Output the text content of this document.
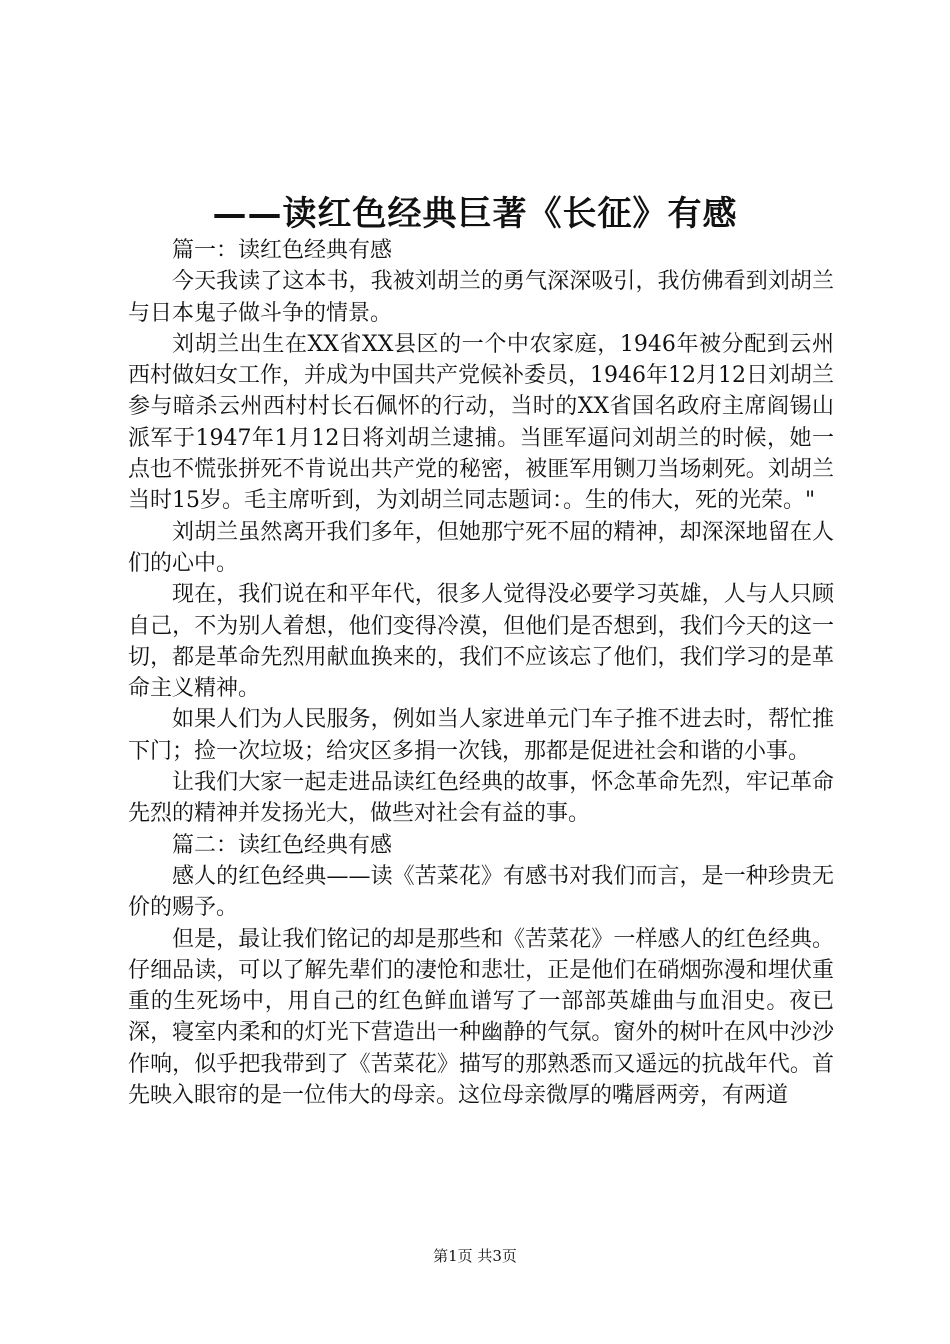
——读红色经典巨著《长征》有感

篇一：读红色经典有感

今天我读了这本书，我被刘胡兰的勇气深深吸引，我仿佛看到刘胡兰与日本鬼子做斗争的情景。

刘胡兰出生在XX省XX县区的一个中农家庭，1946年被分配到云州西村做妇女工作，并成为中国共产党候补委员，1946年12月12日刘胡兰参与暗杀云州西村村长石佩怀的行动，当时的XX省国名政府主席阎锡山派军于1947年1月12日将刘胡兰逮捕。当匪军逼问刘胡兰的时候，她一点也不慌张拼死不肯说出共产党的秘密，被匪军用铡刀当场刺死。刘胡兰当时15岁。毛主席听到，为刘胡兰同志题词：。生的伟大，死的光荣。"

刘胡兰虽然离开我们多年，但她那宁死不屈的精神，却深深地留在人们的心中。

现在，我们说在和平年代，很多人觉得没必要学习英雄，人与人只顾自己，不为别人着想，他们变得冷漠，但他们是否想到，我们今天的这一切，都是革命先烈用献血换来的，我们不应该忘了他们，我们学习的是革命主义精神。

如果人们为人民服务，例如当人家进单元门车子推不进去时，帮忙推下门；捡一次垃圾；给灾区多捐一次钱，那都是促进社会和谐的小事。

让我们大家一起走进品读红色经典的故事，怀念革命先烈，牢记革命先烈的精神并发扬光大，做些对社会有益的事。

篇二：读红色经典有感

感人的红色经典——读《苦菜花》有感书对我们而言，是一种珍贵无价的赐予。

但是，最让我们铭记的却是那些和《苦菜花》一样感人的红色经典。仔细品读，可以了解先辈们的凄怆和悲壮，正是他们在硝烟弥漫和埋伏重重的生死场中，用自己的红色鲜血谱写了一部部英雄曲与血泪史。夜已深，寝室内柔和的灯光下营造出一种幽静的气氛。窗外的树叶在风中沙沙作响，似乎把我带到了《苦菜花》描写的那熟悉而又遥远的抗战年代。首先映入眼帘的是一位伟大的母亲。这位母亲微厚的嘴唇两旁，有两道

第1页 共3页
